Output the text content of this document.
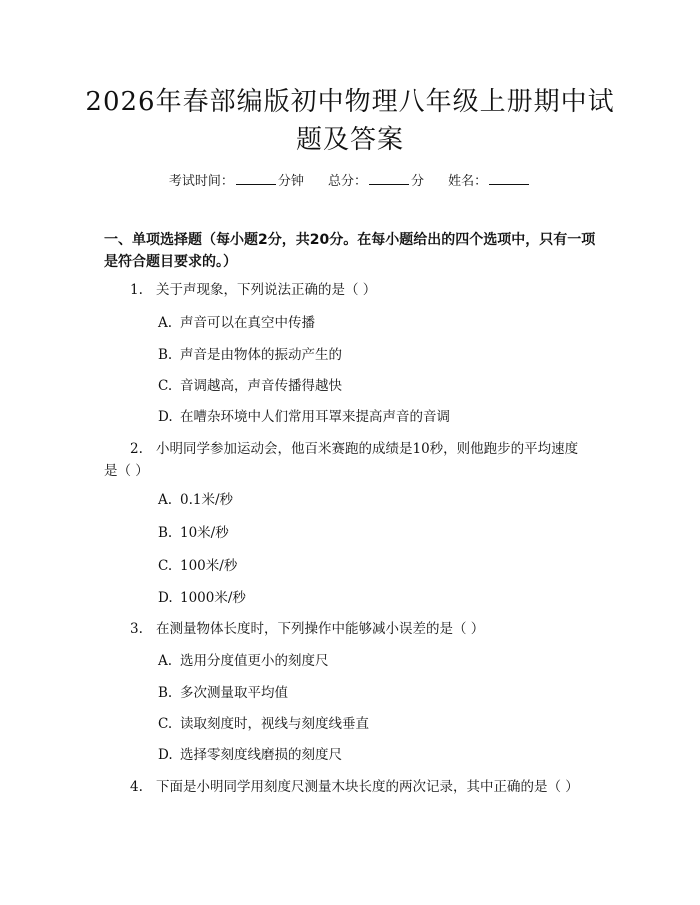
2026年春部编版初中物理八年级上册期中试
题及答案
考试时间：	分钟 总分：	分 姓名：
一、单项选择题（每小题2分，共20分。在每小题给出的四个选项中，只有一项是符合题目要求的。）
1. 关于声现象，下列说法正确的是（ ）
A. 声音可以在真空中传播
B. 声音是由物体的振动产生的
C. 音调越高，声音传播得越快
D. 在嘈杂环境中人们常用耳罩来提高声音的音调
2. 小明同学参加运动会，他百米赛跑的成绩是10秒，则他跑步的平均速度
是（ ）
A. 0.1米/秒
B. 10米/秒
C. 100米/秒
D. 1000米/秒
3. 在测量物体长度时，下列操作中能够减小误差的是（ ）
A. 选用分度值更小的刻度尺
B. 多次测量取平均值
C. 读取刻度时，视线与刻度线垂直
D. 选择零刻度线磨损的刻度尺
4. 下面是小明同学用刻度尺测量木块长度的两次记录，其中正确的是（ ）
